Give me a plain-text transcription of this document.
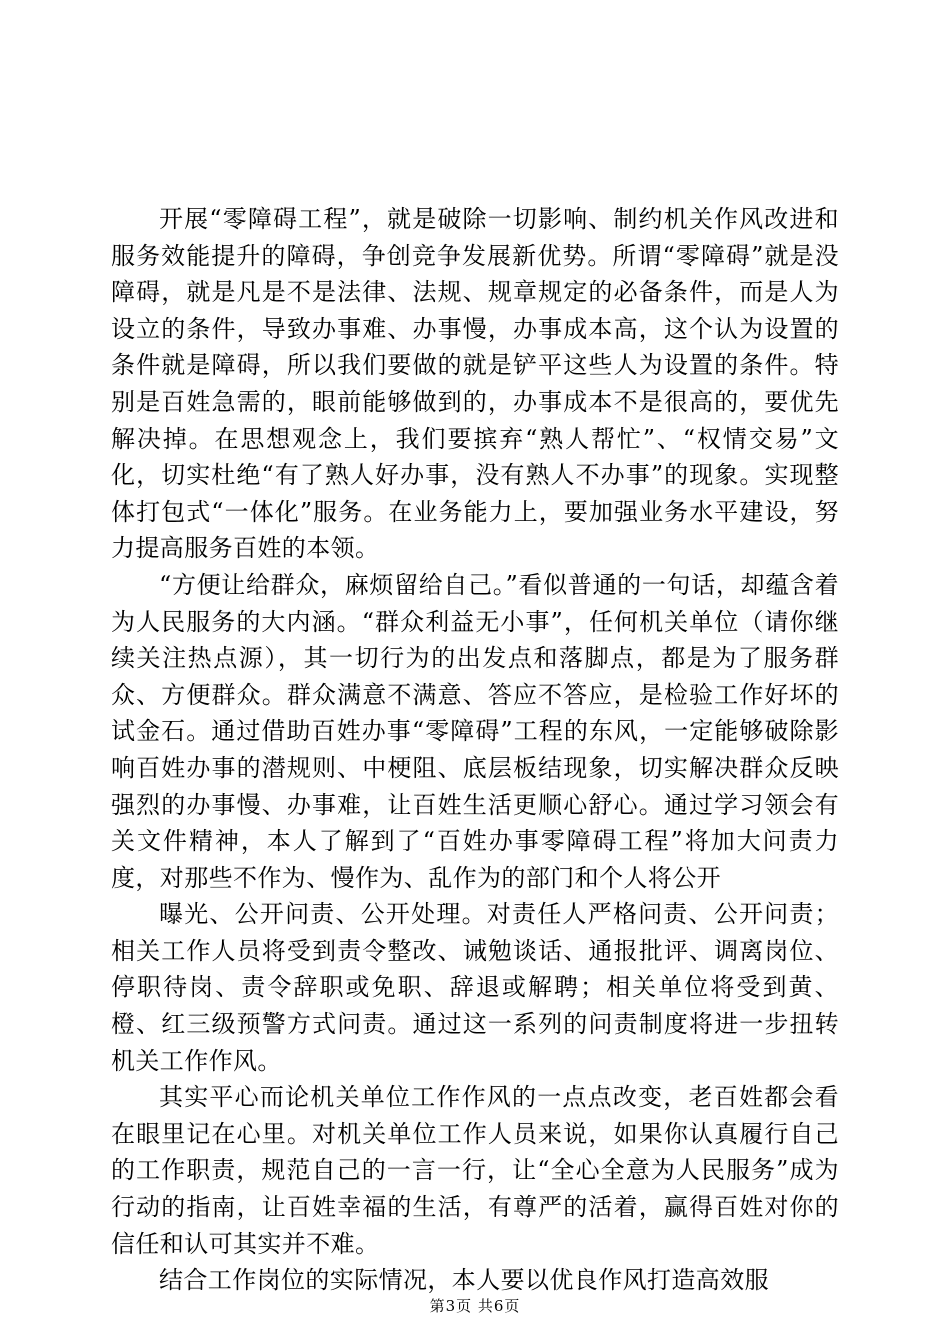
开展“零障碍工程”，就是破除一切影响、制约机关作风改进和服务效能提升的障碍，争创竞争发展新优势。所谓“零障碍”就是没障碍，就是凡是不是法律、法规、规章规定的必备条件，而是人为设立的条件，导致办事难、办事慢，办事成本高，这个认为设置的条件就是障碍，所以我们要做的就是铲平这些人为设置的条件。特别是百姓急需的，眼前能够做到的，办事成本不是很高的，要优先解决掉。在思想观念上，我们要摈弃“熟人帮忙”、“权情交易”文化，切实杜绝“有了熟人好办事，没有熟人不办事”的现象。实现整体打包式“一体化”服务。在业务能力上，要加强业务水平建设，努力提高服务百姓的本领。

“方便让给群众，麻烦留给自己。”看似普通的一句话，却蕴含着为人民服务的大内涵。“群众利益无小事”，任何机关单位（请你继续关注热点源），其一切行为的出发点和落脚点，都是为了服务群众、方便群众。群众满意不满意、答应不答应，是检验工作好坏的试金石。通过借助百姓办事“零障碍”工程的东风，一定能够破除影响百姓办事的潜规则、中梗阻、底层板结现象，切实解决群众反映强烈的办事慢、办事难，让百姓生活更顺心舒心。通过学习领会有关文件精神，本人了解到了“百姓办事零障碍工程”将加大问责力度，对那些不作为、慢作为、乱作为的部门和个人将公开

曝光、公开问责、公开处理。对责任人严格问责、公开问责；相关工作人员将受到责令整改、诫勉谈话、通报批评、调离岗位、停职待岗、责令辞职或免职、辞退或解聘；相关单位将受到黄、橙、红三级预警方式问责。通过这一系列的问责制度将进一步扭转机关工作作风。

其实平心而论机关单位工作作风的一点点改变，老百姓都会看在眼里记在心里。对机关单位工作人员来说，如果你认真履行自己的工作职责，规范自己的一言一行，让“全心全意为人民服务”成为行动的指南，让百姓幸福的生活，有尊严的活着，赢得百姓对你的信任和认可其实并不难。

结合工作岗位的实际情况，本人要以优良作风打造高效服

第3页 共6页
